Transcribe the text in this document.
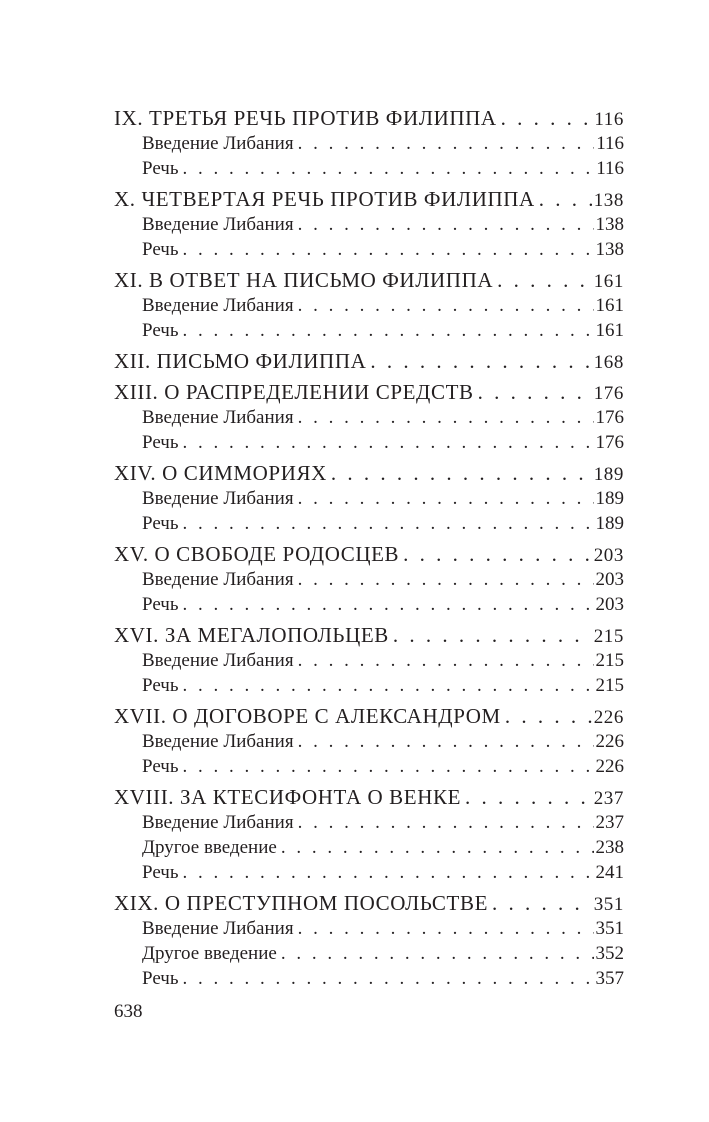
IX. ТРЕТЬЯ РЕЧЬ ПРОТИВ ФИЛИППА . . .	116
Введение Либания . . .	116
Речь . . .	116
X. ЧЕТВЕРТАЯ РЕЧЬ ПРОТИВ ФИЛИППА . . .	138
Введение Либания . . .	138
Речь . . .	138
XI. В ОТВЕТ НА ПИСЬМО ФИЛИППА . . .	161
Введение Либания . . .	161
Речь . . .	161
XII. ПИСЬМО ФИЛИППА . . .	168
XIII. О РАСПРЕДЕЛЕНИИ СРЕДСТВ . . .	176
Введение Либания . . .	176
Речь . . .	176
XIV. О СИММОРИЯХ . . .	189
Введение Либания . . .	189
Речь . . .	189
XV. О СВОБОДЕ РОДОСЦЕВ . . .	203
Введение Либания . . .	203
Речь . . .	203
XVI. ЗА МЕГАЛОПОЛЬЦЕВ . . .	215
Введение Либания . . .	215
Речь . . .	215
XVII. О ДОГОВОРЕ С АЛЕКСАНДРОМ . . .	226
Введение Либания . . .	226
Речь . . .	226
XVIII. ЗА КТЕСИФОНТА О ВЕНКЕ . . .	237
Введение Либания . . .	237
Другое введение . . .	238
Речь . . .	241
XIX. О ПРЕСТУПНОМ ПОСОЛЬСТВЕ . . .	351
Введение Либания . . .	351
Другое введение . . .	352
Речь . . .	357
638
